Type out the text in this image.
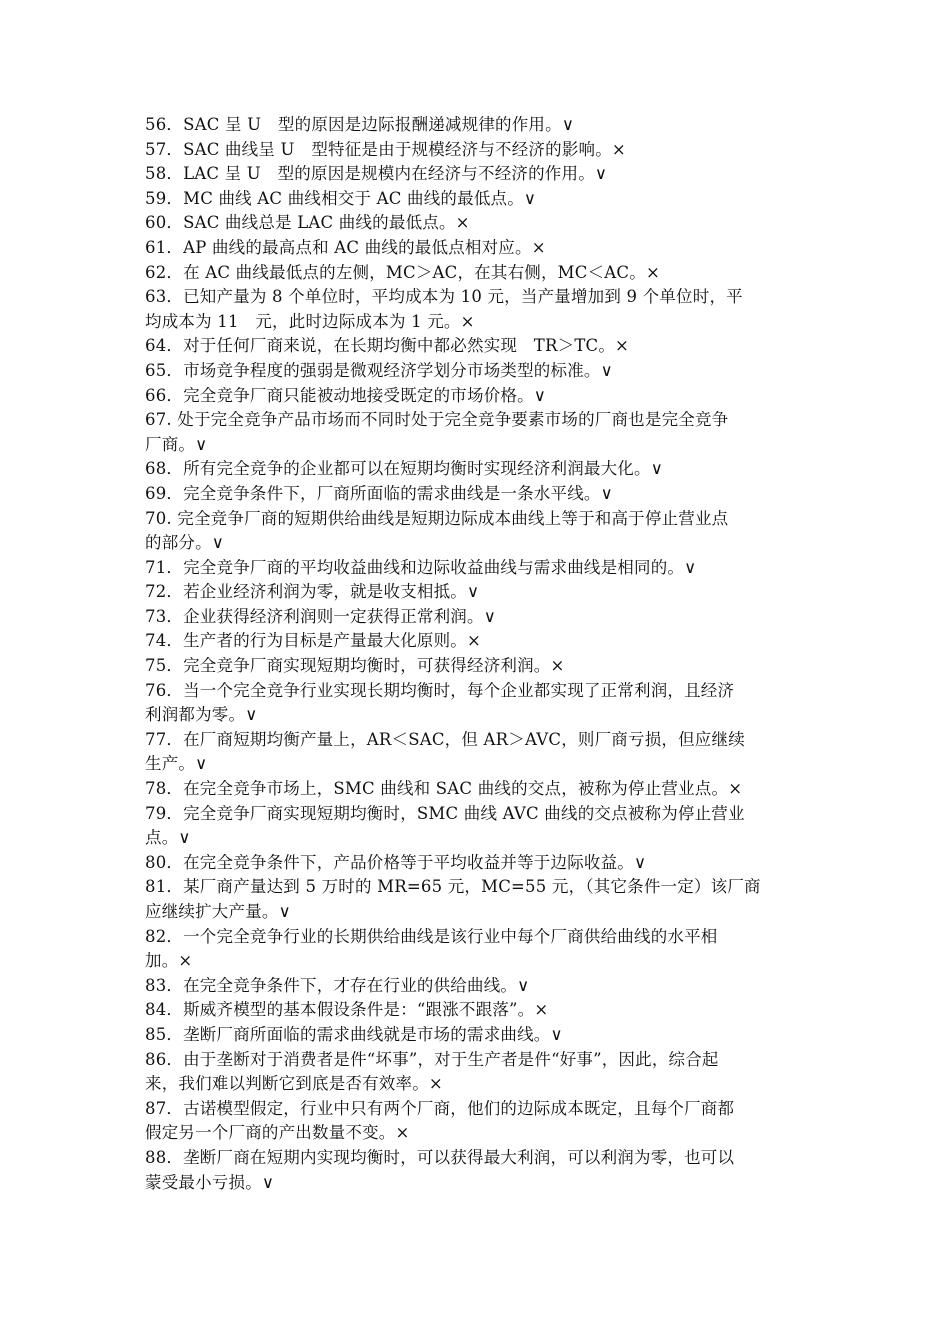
56．SAC 呈 U　型的原因是边际报酬递减规律的作用。∨
57．SAC 曲线呈 U　型特征是由于规模经济与不经济的影响。×
58．LAC 呈 U　型的原因是规模内在经济与不经济的作用。∨
59．MC 曲线 AC 曲线相交于 AC 曲线的最低点。∨
60．SAC 曲线总是 LAC 曲线的最低点。×
61．AP 曲线的最高点和 AC 曲线的最低点相对应。×
62．在 AC 曲线最低点的左侧，MC＞AC，在其右侧，MC＜AC。×
63．已知产量为 8 个单位时，平均成本为 10 元，当产量增加到 9 个单位时，平
均成本为 11　元，此时边际成本为 1 元。×
64．对于任何厂商来说，在长期均衡中都必然实现　TR＞TC。×
65．市场竞争程度的强弱是微观经济学划分市场类型的标准。∨
66．完全竞争厂商只能被动地接受既定的市场价格。∨
67. 处于完全竞争产品市场而不同时处于完全竞争要素市场的厂商也是完全竞争
厂商。∨
68．所有完全竞争的企业都可以在短期均衡时实现经济利润最大化。∨
69．完全竞争条件下，厂商所面临的需求曲线是一条水平线。∨
70. 完全竞争厂商的短期供给曲线是短期边际成本曲线上等于和高于停止营业点
的部分。∨
71．完全竞争厂商的平均收益曲线和边际收益曲线与需求曲线是相同的。∨
72．若企业经济利润为零，就是收支相抵。∨
73．企业获得经济利润则一定获得正常利润。∨
74．生产者的行为目标是产量最大化原则。×
75．完全竞争厂商实现短期均衡时，可获得经济利润。×
76．当一个完全竞争行业实现长期均衡时，每个企业都实现了正常利润，且经济
利润都为零。∨
77．在厂商短期均衡产量上，AR＜SAC，但 AR＞AVC，则厂商亏损，但应继续
生产。∨
78．在完全竞争市场上，SMC 曲线和 SAC 曲线的交点，被称为停止营业点。×
79．完全竞争厂商实现短期均衡时，SMC 曲线 AVC 曲线的交点被称为停止营业
点。∨
80．在完全竞争条件下，产品价格等于平均收益并等于边际收益。∨
81．某厂商产量达到 5 万时的 MR=65 元，MC=55 元，（其它条件一定）该厂商
应继续扩大产量。∨
82．一个完全竞争行业的长期供给曲线是该行业中每个厂商供给曲线的水平相
加。×
83．在完全竞争条件下，才存在行业的供给曲线。∨
84．斯威齐模型的基本假设条件是：“跟涨不跟落”。×
85．垄断厂商所面临的需求曲线就是市场的需求曲线。∨
86．由于垄断对于消费者是件“坏事”，对于生产者是件“好事”，因此，综合起
来，我们难以判断它到底是否有效率。×
87．古诺模型假定，行业中只有两个厂商，他们的边际成本既定，且每个厂商都
假定另一个厂商的产出数量不变。×
88．垄断厂商在短期内实现均衡时，可以获得最大利润，可以利润为零，也可以
蒙受最小亏损。∨
